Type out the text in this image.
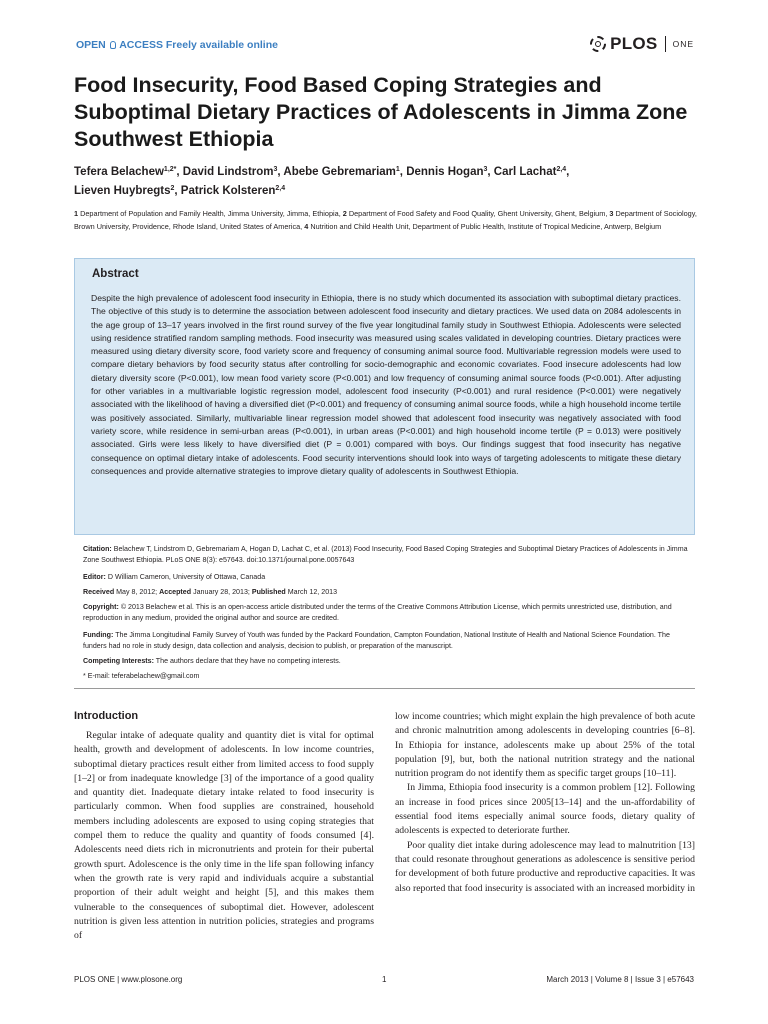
OPEN ACCESS Freely available online	PLOS ONE
Food Insecurity, Food Based Coping Strategies and Suboptimal Dietary Practices of Adolescents in Jimma Zone Southwest Ethiopia
Tefera Belachew$^{1,2*}$, David Lindstrom$^3$, Abebe Gebremariam$^1$, Dennis Hogan$^3$, Carl Lachat$^{2,4}$,
Lieven Huybregts$^2$, Patrick Kolsteren$^{2,4}$
1 Department of Population and Family Health, Jimma University, Jimma, Ethiopia, 2 Department of Food Safety and Food Quality, Ghent University, Ghent, Belgium, 3 Department of Sociology, Brown University, Providence, Rhode Island, United States of America, 4 Nutrition and Child Health Unit, Department of Public Health, Institute of Tropical Medicine, Antwerp, Belgium
Abstract

Despite the high prevalence of adolescent food insecurity in Ethiopia, there is no study which documented its association with suboptimal dietary practices. The objective of this study is to determine the association between adolescent food insecurity and dietary practices. We used data on 2084 adolescents in the age group of 13–17 years involved in the first round survey of the five year longitudinal family study in Southwest Ethiopia. Adolescents were selected using residence stratified random sampling methods. Food insecurity was measured using scales validated in developing countries. Dietary practices were measured using dietary diversity score, food variety score and frequency of consuming animal source food. Multivariable regression models were used to compare dietary behaviors by food security status after controlling for socio-demographic and economic covariates. Food insecure adolescents had low dietary diversity score (P<0.001), low mean food variety score (P<0.001) and low frequency of consuming animal source foods (P<0.001). After adjusting for other variables in a multivariable logistic regression model, adolescent food insecurity (P<0.001) and rural residence (P<0.001) were negatively associated with the likelihood of having a diversified diet (P<0.001) and frequency of consuming animal source foods, while a high household income tertile was positively associated. Similarly, multivariable linear regression model showed that adolescent food insecurity was negatively associated with food variety score, while residence in semi-urban areas (P<0.001), in urban areas (P<0.001) and high household income tertile (P = 0.013) were positively associated. Girls were less likely to have diversified diet (P = 0.001) compared with boys. Our findings suggest that food insecurity has negative consequence on optimal dietary intake of adolescents. Food security interventions should look into ways of targeting adolescents to mitigate these dietary consequences and provide alternative strategies to improve dietary quality of adolescents in Southwest Ethiopia.

Citation: Belachew T, Lindstrom D, Gebremariam A, Hogan D, Lachat C, et al. (2013) Food Insecurity, Food Based Coping Strategies and Suboptimal Dietary Practices of Adolescents in Jimma Zone Southwest Ethiopia. PLoS ONE 8(3): e57643. doi:10.1371/journal.pone.0057643

Editor: D William Cameron, University of Ottawa, Canada

Received May 8, 2012; Accepted January 28, 2013; Published March 12, 2013

Copyright: © 2013 Belachew et al. This is an open-access article distributed under the terms of the Creative Commons Attribution License, which permits unrestricted use, distribution, and reproduction in any medium, provided the original author and source are credited.

Funding: The Jimma Longitudinal Family Survey of Youth was funded by the Packard Foundation, Campton Foundation, National Institute of Health and National Science Foundation. The funders had no role in study design, data collection and analysis, decision to publish, or preparation of the manuscript.

Competing Interests: The authors declare that they have no competing interests.

* E-mail: teferabelachew@gmail.com

Introduction

Regular intake of adequate quality and quantity diet is vital for optimal health, growth and development of adolescents. In low income countries, suboptimal dietary practices result either from limited access to food supply [1–2] or from inadequate knowledge [3] of the importance of a good quality and quantity diet. Inadequate dietary intake related to food insecurity is particularly common. When food supplies are constrained, household members including adolescents are exposed to using coping strategies that compel them to reduce the quality and quantity of foods consumed [4]. Adolescents need diets rich in micronutrients and protein for their pubertal growth spurt. Adolescence is the only time in the life span following infancy when the growth rate is very rapid and individuals acquire a substantial proportion of their adult weight and height [5], and this makes them vulnerable to the consequences of suboptimal diet. However, adolescent nutrition is given less attention in nutrition policies, strategies and programs of

low income countries; which might explain the high prevalence of both acute and chronic malnutrition among adolescents in developing countries [6–8]. In Ethiopia for instance, adolescents make up about 25% of the total population [9], but, both the national nutrition strategy and the national nutrition program do not identify them as specific target groups [10–11].

In Jimma, Ethiopia food insecurity is a common problem [12]. Following an increase in food prices since 2005[13–14] and the un-affordability of essential food items especially animal source foods, dietary quality of adolescents is expected to deteriorate further.

Poor quality diet intake during adolescence may lead to malnutrition [13] that could resonate throughout generations as adolescence is sensitive period for development of both future productive and reproductive capacities. It was also reported that food insecurity is associated with an increased morbidity in

PLOS ONE | www.plosone.org	1	March 2013 | Volume 8 | Issue 3 | e57643
